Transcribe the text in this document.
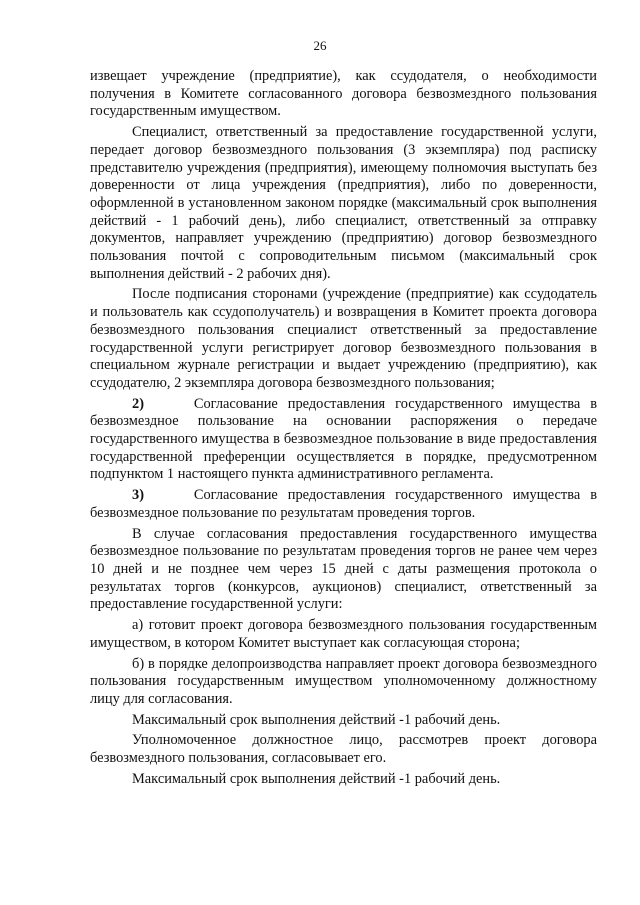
26

извещает учреждение (предприятие), как ссудодателя, о необходимости получения в Комитете согласованного договора безвозмездного пользования государственным имуществом.

Специалист, ответственный за предоставление государственной услуги, передает договор безвозмездного пользования (3 экземпляра) под расписку представителю учреждения (предприятия), имеющему полномочия выступать без доверенности от лица учреждения (предприятия), либо по доверенности, оформленной в установленном законом порядке (максимальный срок выполнения действий - 1 рабочий день), либо специалист, ответственный за отправку документов, направляет учреждению (предприятию) договор безвозмездного пользования почтой с сопроводительным письмом (максимальный срок выполнения действий - 2 рабочих дня).

После подписания сторонами (учреждение (предприятие) как ссудодатель и пользователь как ссудополучатель) и возвращения в Комитет проекта договора безвозмездного пользования специалист ответственный за предоставление государственной услуги регистрирует договор безвозмездного пользования в специальном журнале регистрации и выдает учреждению (предприятию), как ссудодателю, 2 экземпляра договора безвозмездного пользования;

2)	Согласование предоставления государственного имущества в безвозмездное пользование на основании распоряжения о передаче государственного имущества в безвозмездное пользование в виде предоставления государственной преференции осуществляется в порядке, предусмотренном подпунктом 1 настоящего пункта административного регламента.

3)	Согласование предоставления государственного имущества в безвозмездное пользование по результатам проведения торгов.

В случае согласования предоставления государственного имущества безвозмездное пользование по результатам проведения торгов не ранее чем через 10 дней и не позднее чем через 15 дней с даты размещения протокола о результатах торгов (конкурсов, аукционов) специалист, ответственный за предоставление государственной услуги:

а) готовит проект договора безвозмездного пользования государственным имуществом, в котором Комитет выступает как согласующая сторона;

б) в порядке делопроизводства направляет проект договора безвозмездного пользования государственным имуществом уполномоченному должностному лицу для согласования.

Максимальный срок выполнения действий -1 рабочий день.

Уполномоченное должностное лицо, рассмотрев проект договора безвозмездного пользования, согласовывает его.

Максимальный срок выполнения действий -1 рабочий день.
